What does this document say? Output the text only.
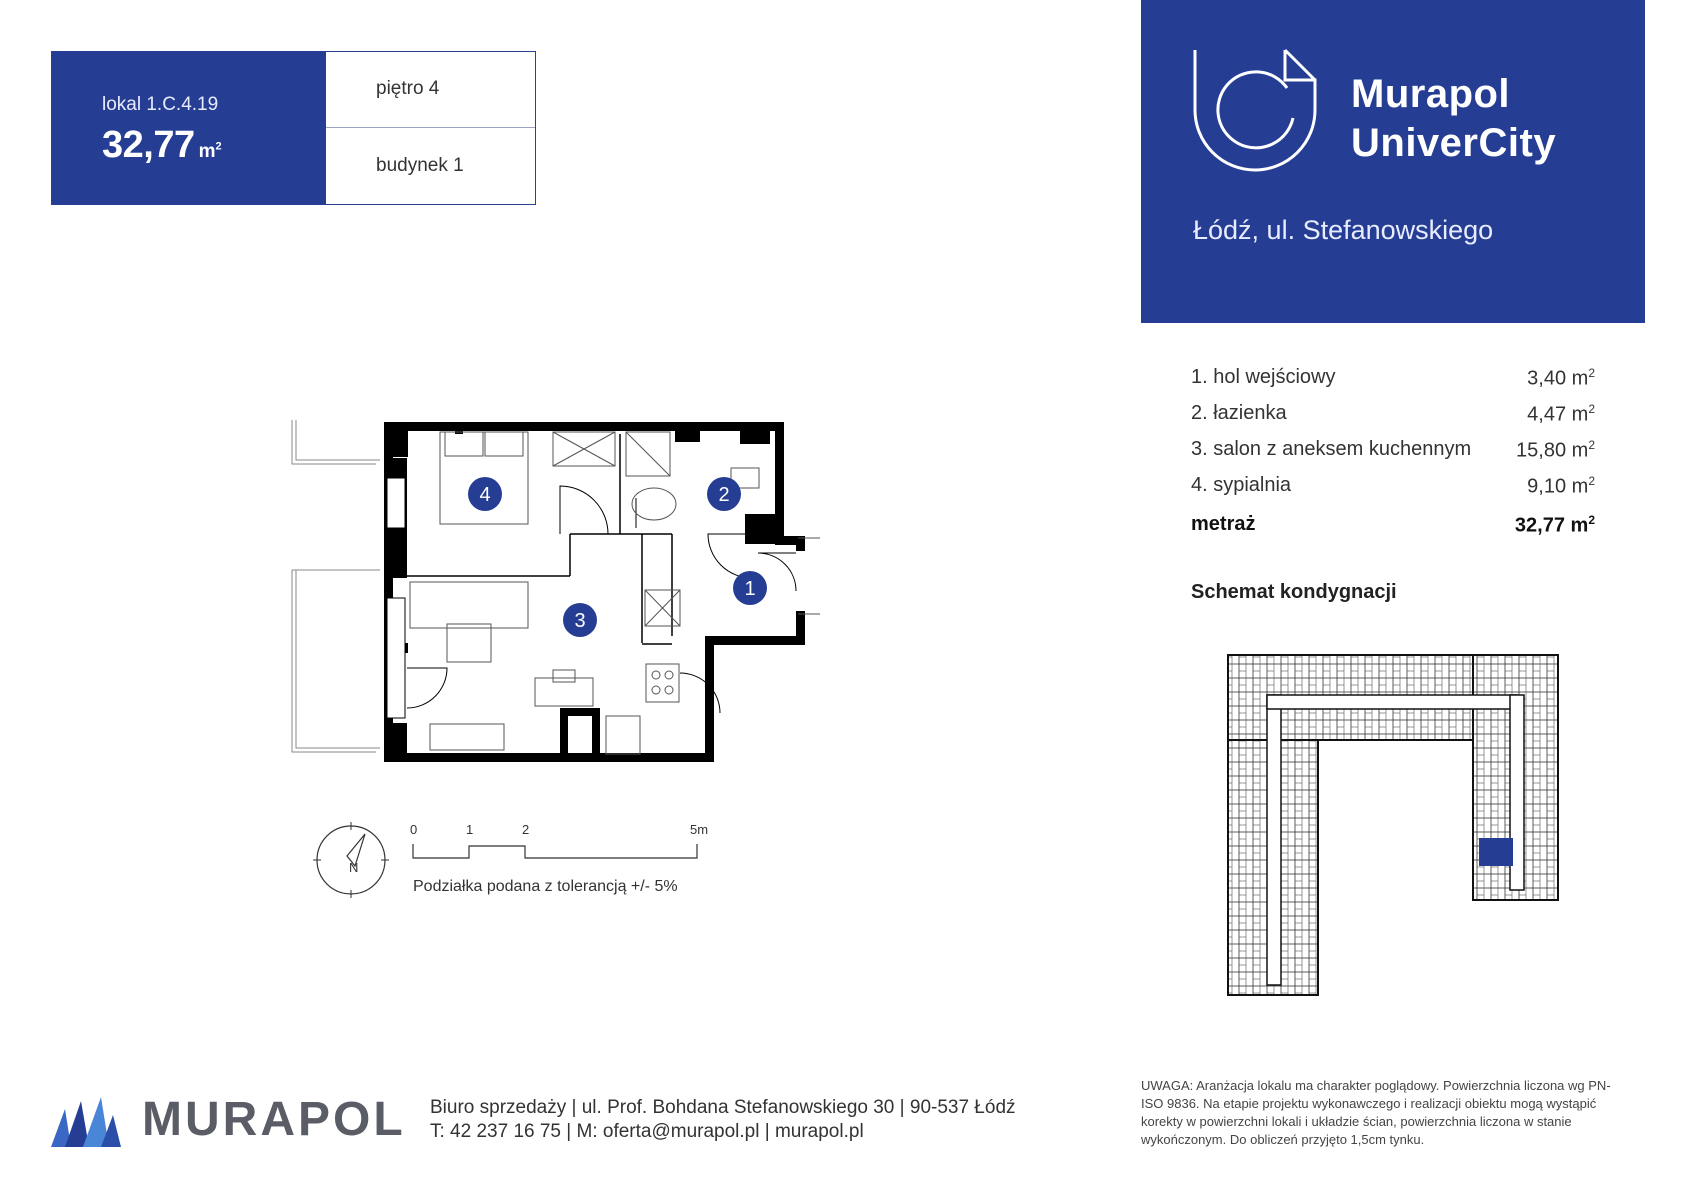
lokal 1.C.4.19
32,77 $m^2$
piętro 4
budynek 1
Murapol
UniverCity
Łódź, ul. Stefanowskiego
1. hol wejściowy	3,40 $m^2$
2. łazienka	4,47 $m^2$
3. salon z aneksem kuchennym 15,80 $m^2$
4. sypialnia	9,10 $m^2$
metraż	32,77 $m^2$
Schemat kondygnacji
4	2
1
3
N
0	1	2	5m
Podziałka podana z tolerancją +/- 5%
MURAPOL Biuro sprzedaży | ul. Prof. Bohdana Stefanowskiego 30 | 90-537 Łódź
T: 42 237 16 75 | M: oferta@murapol.pl | murapol.pl
UWAGA: Aranżacja lokalu ma charakter poglądowy. Powierzchnia liczona wg PN-ISO 9836. Na etapie projektu wykonawczego i realizacji obiektu mogą wystąpić korekty w powierzchni lokali i układzie ścian, powierzchnia liczona w stanie wykończonym. Do obliczeń przyjęto 1,5cm tynku.
